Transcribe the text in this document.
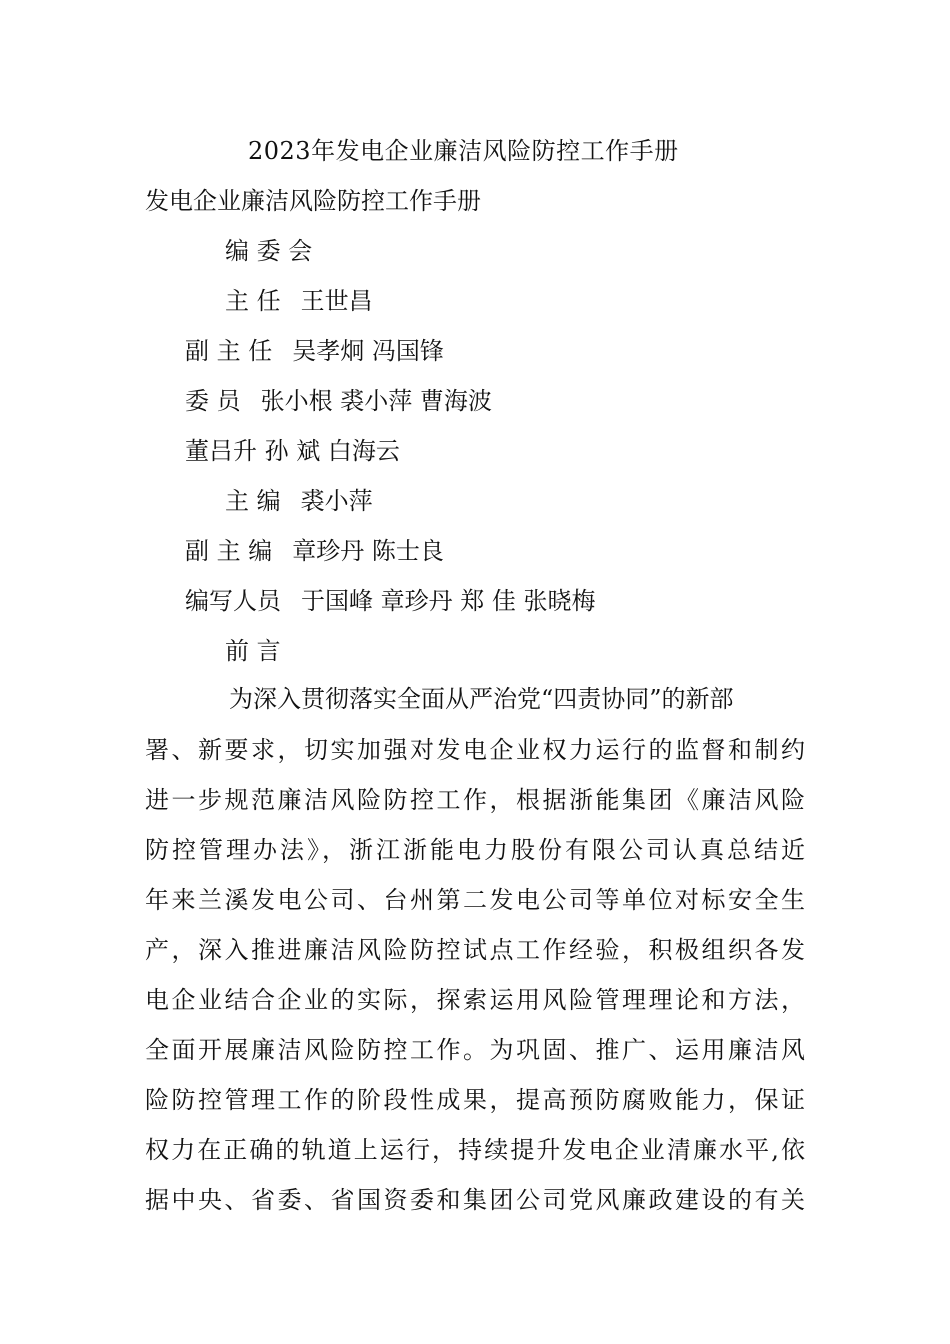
2023年发电企业廉洁风险防控工作手册
发电企业廉洁风险防控工作手册
编 委 会
主 任 王世昌
副 主 任 吴孝炯 冯国锋
委 员 张小根 裘小萍 曹海波
董吕升 孙 斌 白海云
主 编 裘小萍
副 主 编 章珍丹 陈士良
编写人员 于国峰 章珍丹 郑 佳 张晓梅
前 言
为深入贯彻落实全面从严治党“四责协同”的新部
署、新要求，切实加强对发电企业权力运行的监督和制约
进一步规范廉洁风险防控工作，根据浙能集团《廉洁风险
防控管理办法》，浙江浙能电力股份有限公司认真总结近
年来兰溪发电公司、台州第二发电公司等单位对标安全生
产，深入推进廉洁风险防控试点工作经验，积极组织各发
电企业结合企业的实际，探索运用风险管理理论和方法，
全面开展廉洁风险防控工作。为巩固、推广、运用廉洁风
险防控管理工作的阶段性成果，提高预防腐败能力，保证
权力在正确的轨道上运行，持续提升发电企业清廉水平,依
据中央、省委、省国资委和集团公司党风廉政建设的有关
